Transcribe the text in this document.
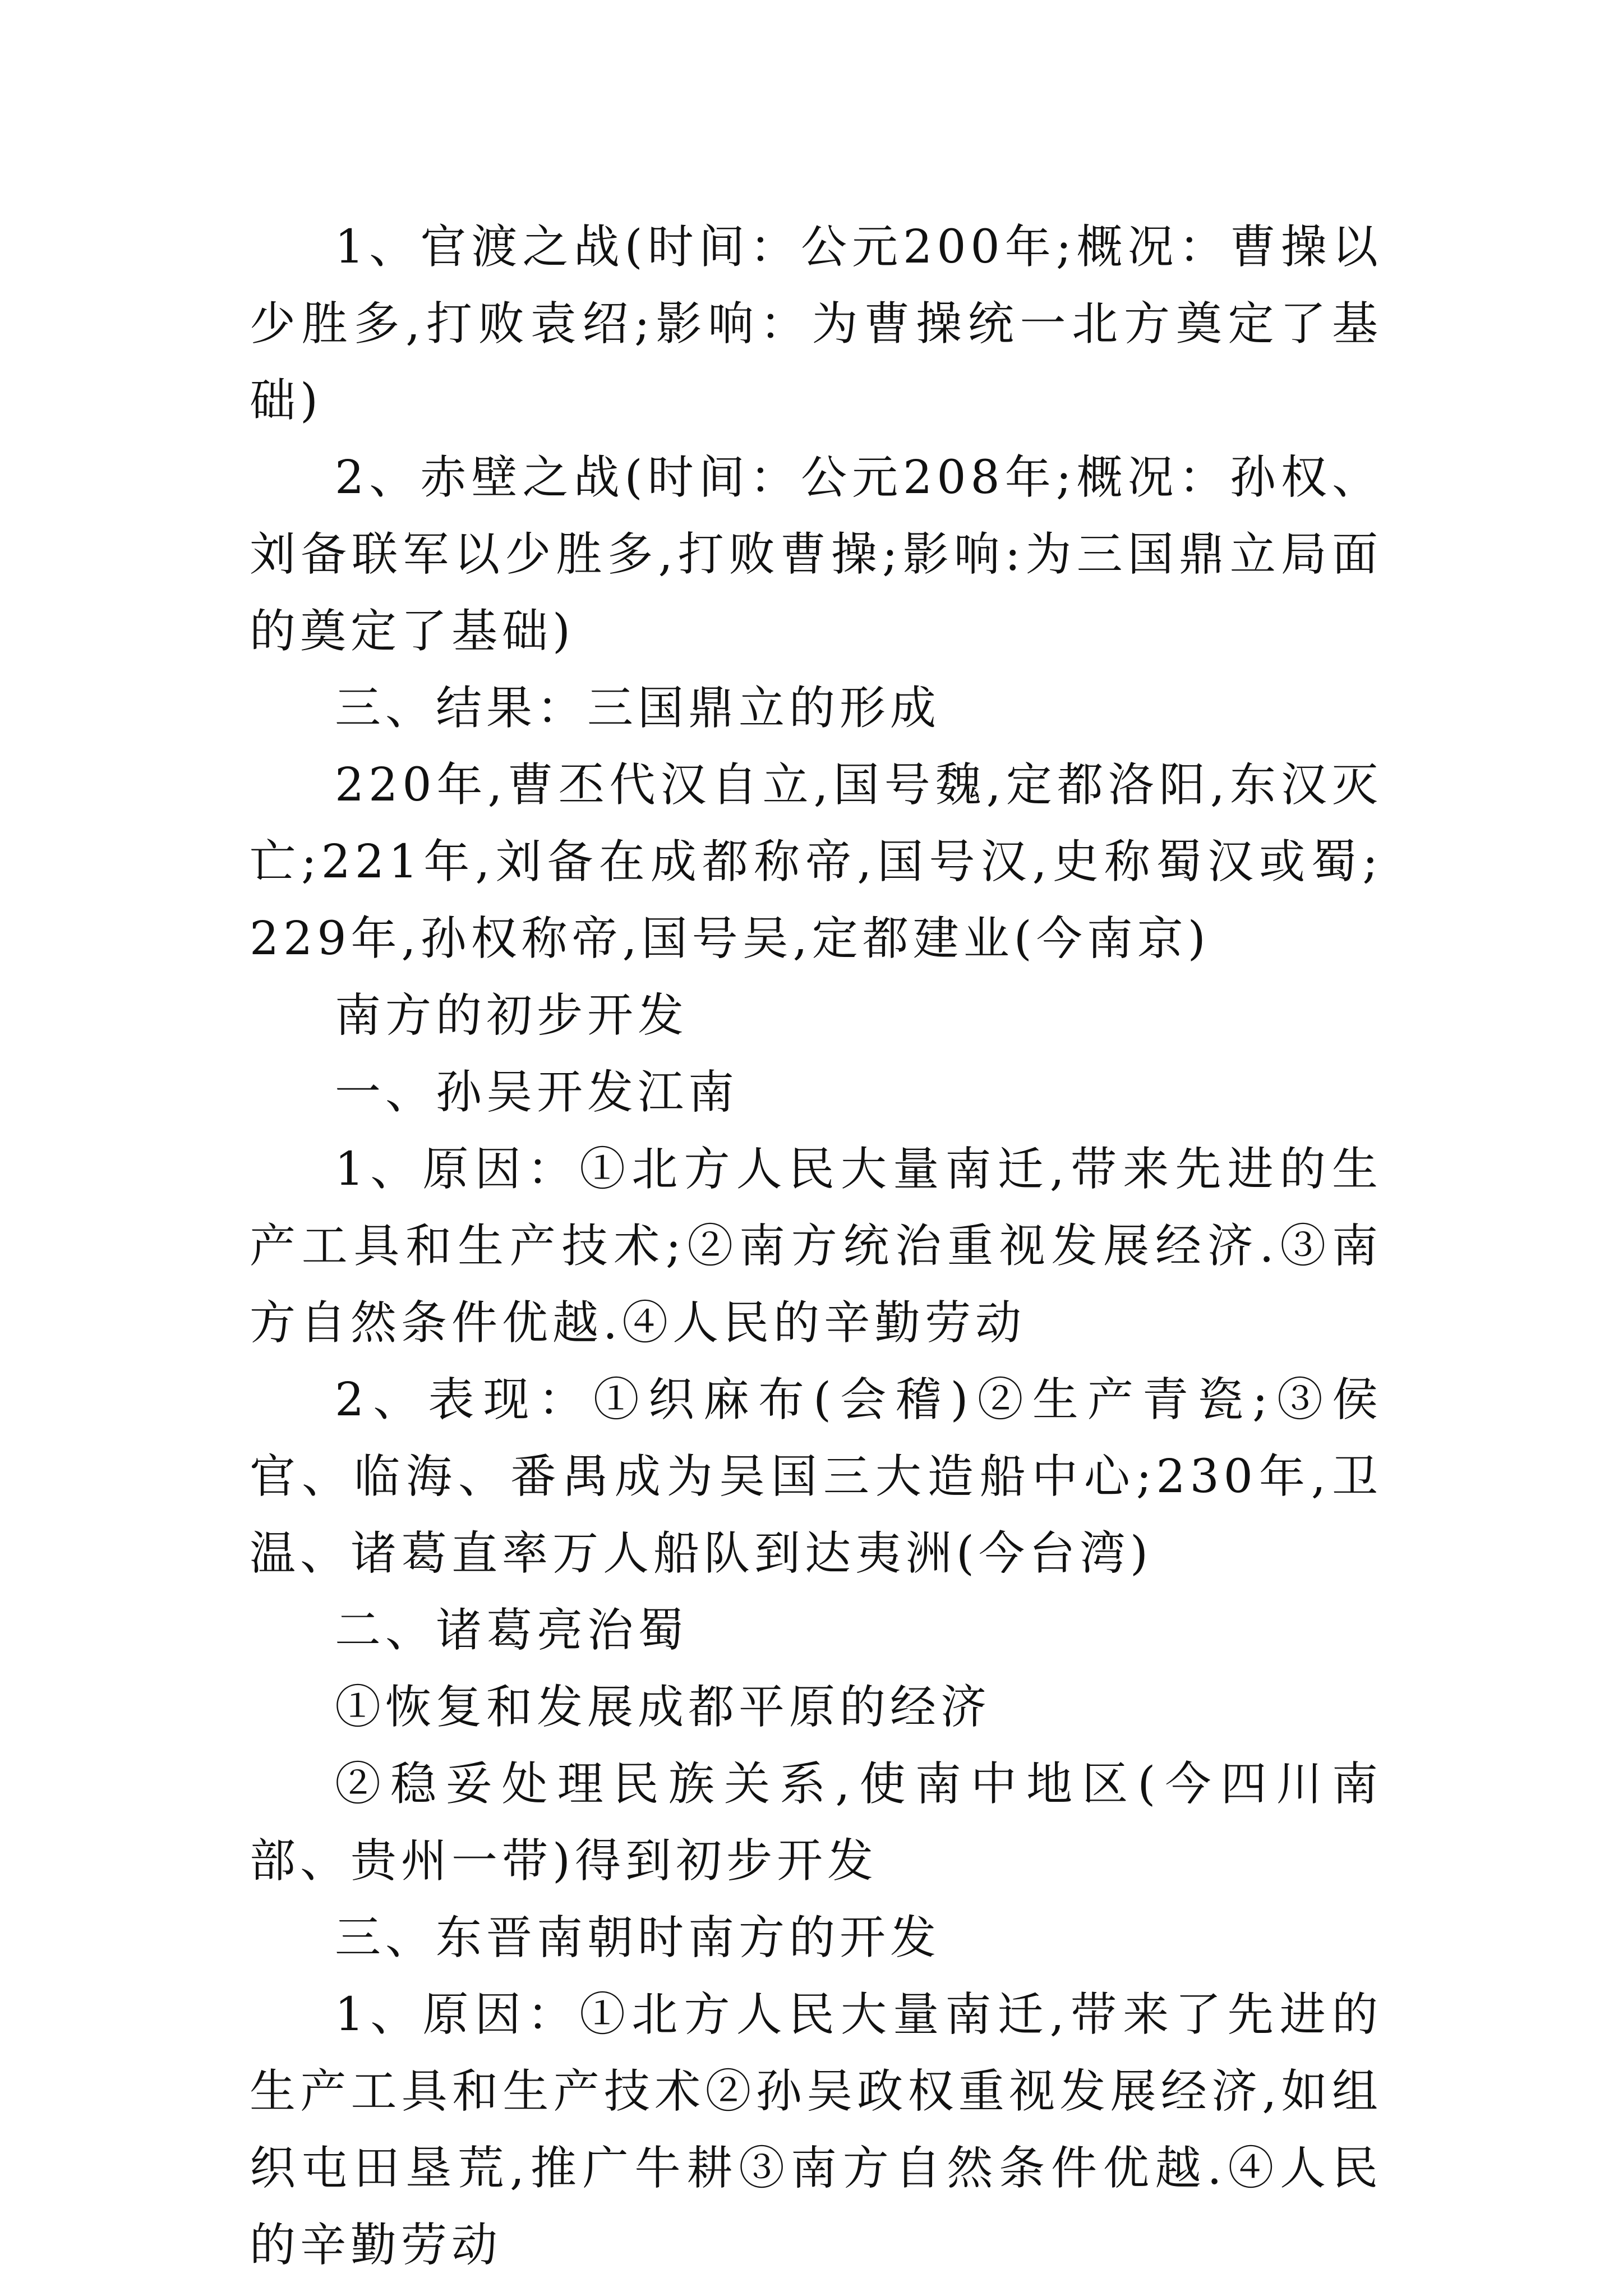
1、官渡之战(时间：公元200年;概况：曹操以少胜多,打败袁绍;影响：为曹操统一北方奠定了基础)

2、赤壁之战(时间：公元208年;概况：孙权、刘备联军以少胜多,打败曹操;影响:为三国鼎立局面的奠定了基础)

三、结果：三国鼎立的形成

220年,曹丕代汉自立,国号魏,定都洛阳,东汉灭亡;221年,刘备在成都称帝,国号汉,史称蜀汉或蜀;229年,孙权称帝,国号吴,定都建业(今南京)

南方的初步开发

一、孙吴开发江南

1、原因：①北方人民大量南迁,带来先进的生产工具和生产技术;②南方统治重视发展经济.③南方自然条件优越.④人民的辛勤劳动

2、表现：①织麻布(会稽)②生产青瓷;③侯官、临海、番禺成为吴国三大造船中心;230年,卫温、诸葛直率万人船队到达夷洲(今台湾)

二、诸葛亮治蜀

①恢复和发展成都平原的经济

②稳妥处理民族关系,使南中地区(今四川南部、贵州一带)得到初步开发

三、东晋南朝时南方的开发

1、原因：①北方人民大量南迁,带来了先进的生产工具和生产技术②孙吴政权重视发展经济,如组织屯田垦荒,推广牛耕③南方自然条件优越.④人民的辛勤劳动
